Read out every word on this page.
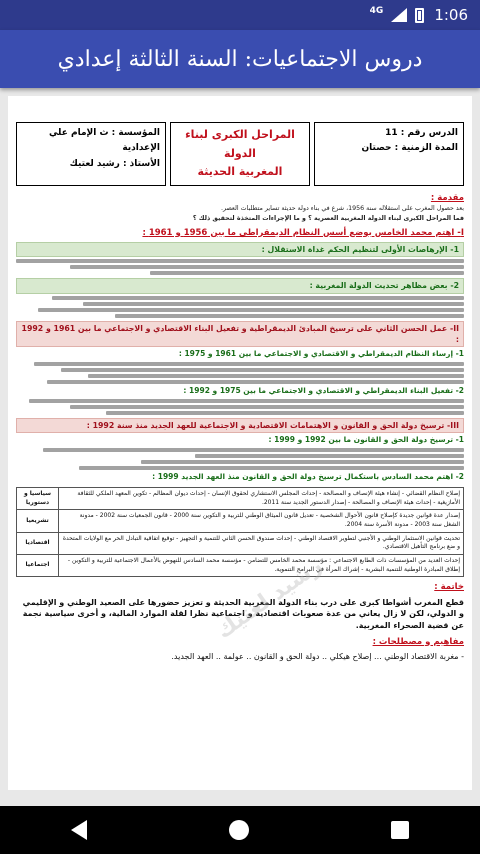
4G	1:06
دروس الاجتماعيات: السنة الثالثة إعدادي
الدرس رقم : 11
المدة الزمنية : حصتان
المراحل الكبرى لبناء الدولة
المغربية الحديثة
المؤسسة : ث الإمام علي الإعدادية
الأستاذ : رشيد لعتيك
مقدمة :
بعد حصول المغرب على استقلاله سنة 1956، شرع في بناء دولة حديثة تساير متطلبات العصر.
فما المراحل الكبرى لبناء الدولة المغربية العصرية ؟ و ما الإجراءات المتخذة لتحقيق ذلك ؟
I- اهتم محمد الخامس بوضع أسس النظام الديمقراطي ما بين 1956 و 1961 :
1- الإرهاصات الأولى لتنظيم الحكم غداة الاستقلال :
2- بعض مظاهر تحديث الدولة المغربية :
II- عمل الحسن الثاني على ترسيخ المبادئ الديمقراطية و تفعيل البناء الاقتصادي و الاجتماعي ما بين 1961 و 1992 :
1- إرساء النظام الديمقراطي و الاقتصادي و الاجتماعي ما بين 1961 و 1975 :
2- تفعيل البناء الديمقراطي و الاقتصادي و الاجتماعي ما بين 1975 و 1992 :
III- ترسيخ دولة الحق و القانون و الاهتمامات الاقتصادية و الاجتماعية للعهد الجديد منذ سنة 1992 :
1- ترسيخ دولة الحق و القانون ما بين 1992 و 1999 :
2- اهتم محمد السادس باستكمال ترسيخ دولة الحق و القانون منذ العهد الجديد 1999 :
إصلاح النظام القضائي - إنشاء هيئة الإنصاف و المصالحة - إحداث المجلس الاستشاري لحقوق الإنسان - إحداث ديوان المظالم - تكوين المعهد الملكي للثقافة الأمازيغية - إحداث هيئة الإنصاف و المصالحة - إصدار الدستور الجديد سنة 2011.	سياسيا و دستوريا
إصدار عدة قوانين جديدة كإصلاح قانون الأحوال الشخصية - تعديل قانون الميثاق الوطني للتربية و التكوين سنة 2000 - قانون الجمعيات سنة 2002 - مدونة الشغل سنة 2003 - مدونة الأسرة سنة 2004.	تشريعيا
تحديث قوانين الاستثمار الوطني و الأجنبي لتطوير الاقتصاد الوطني - إحداث صندوق الحسن الثاني للتنمية و التجهيز - توقيع اتفاقية التبادل الحر مع الولايات المتحدة و ضع برنامج التأهيل الاقتصادي.	اقتصاديا
إحداث العديد من المؤسسات ذات الطابع الاجتماعي : مؤسسة محمد الخامس للتضامن - مؤسسة محمد السادس للنهوض بالأعمال الاجتماعية للتربية و التكوين - إطلاق المبادرة الوطنية للتنمية البشرية - إشراك المرأة في البرامج التنموية.	اجتماعيا
خاتمة :
قطع المغرب أشواطا كبرى على درب بناء الدولة المغربية الحديثة و تعزيز حضورها على الصعيد الوطني و الإقليمي و الدولي، لكن لا زال يعاني من عدة صعوبات اقتصادية و اجتماعية نظرا لقلة الموارد المالية، و أخرى سياسية نجمة عن قضية الصحراء المغربية.
مفاهيم و مصطلحات :
- مغربة الاقتصاد الوطني ... إصلاح هيكلي .. دولة الحق و القانون .. عولمة .. العهد الجديد.
رشيد لعتيك
